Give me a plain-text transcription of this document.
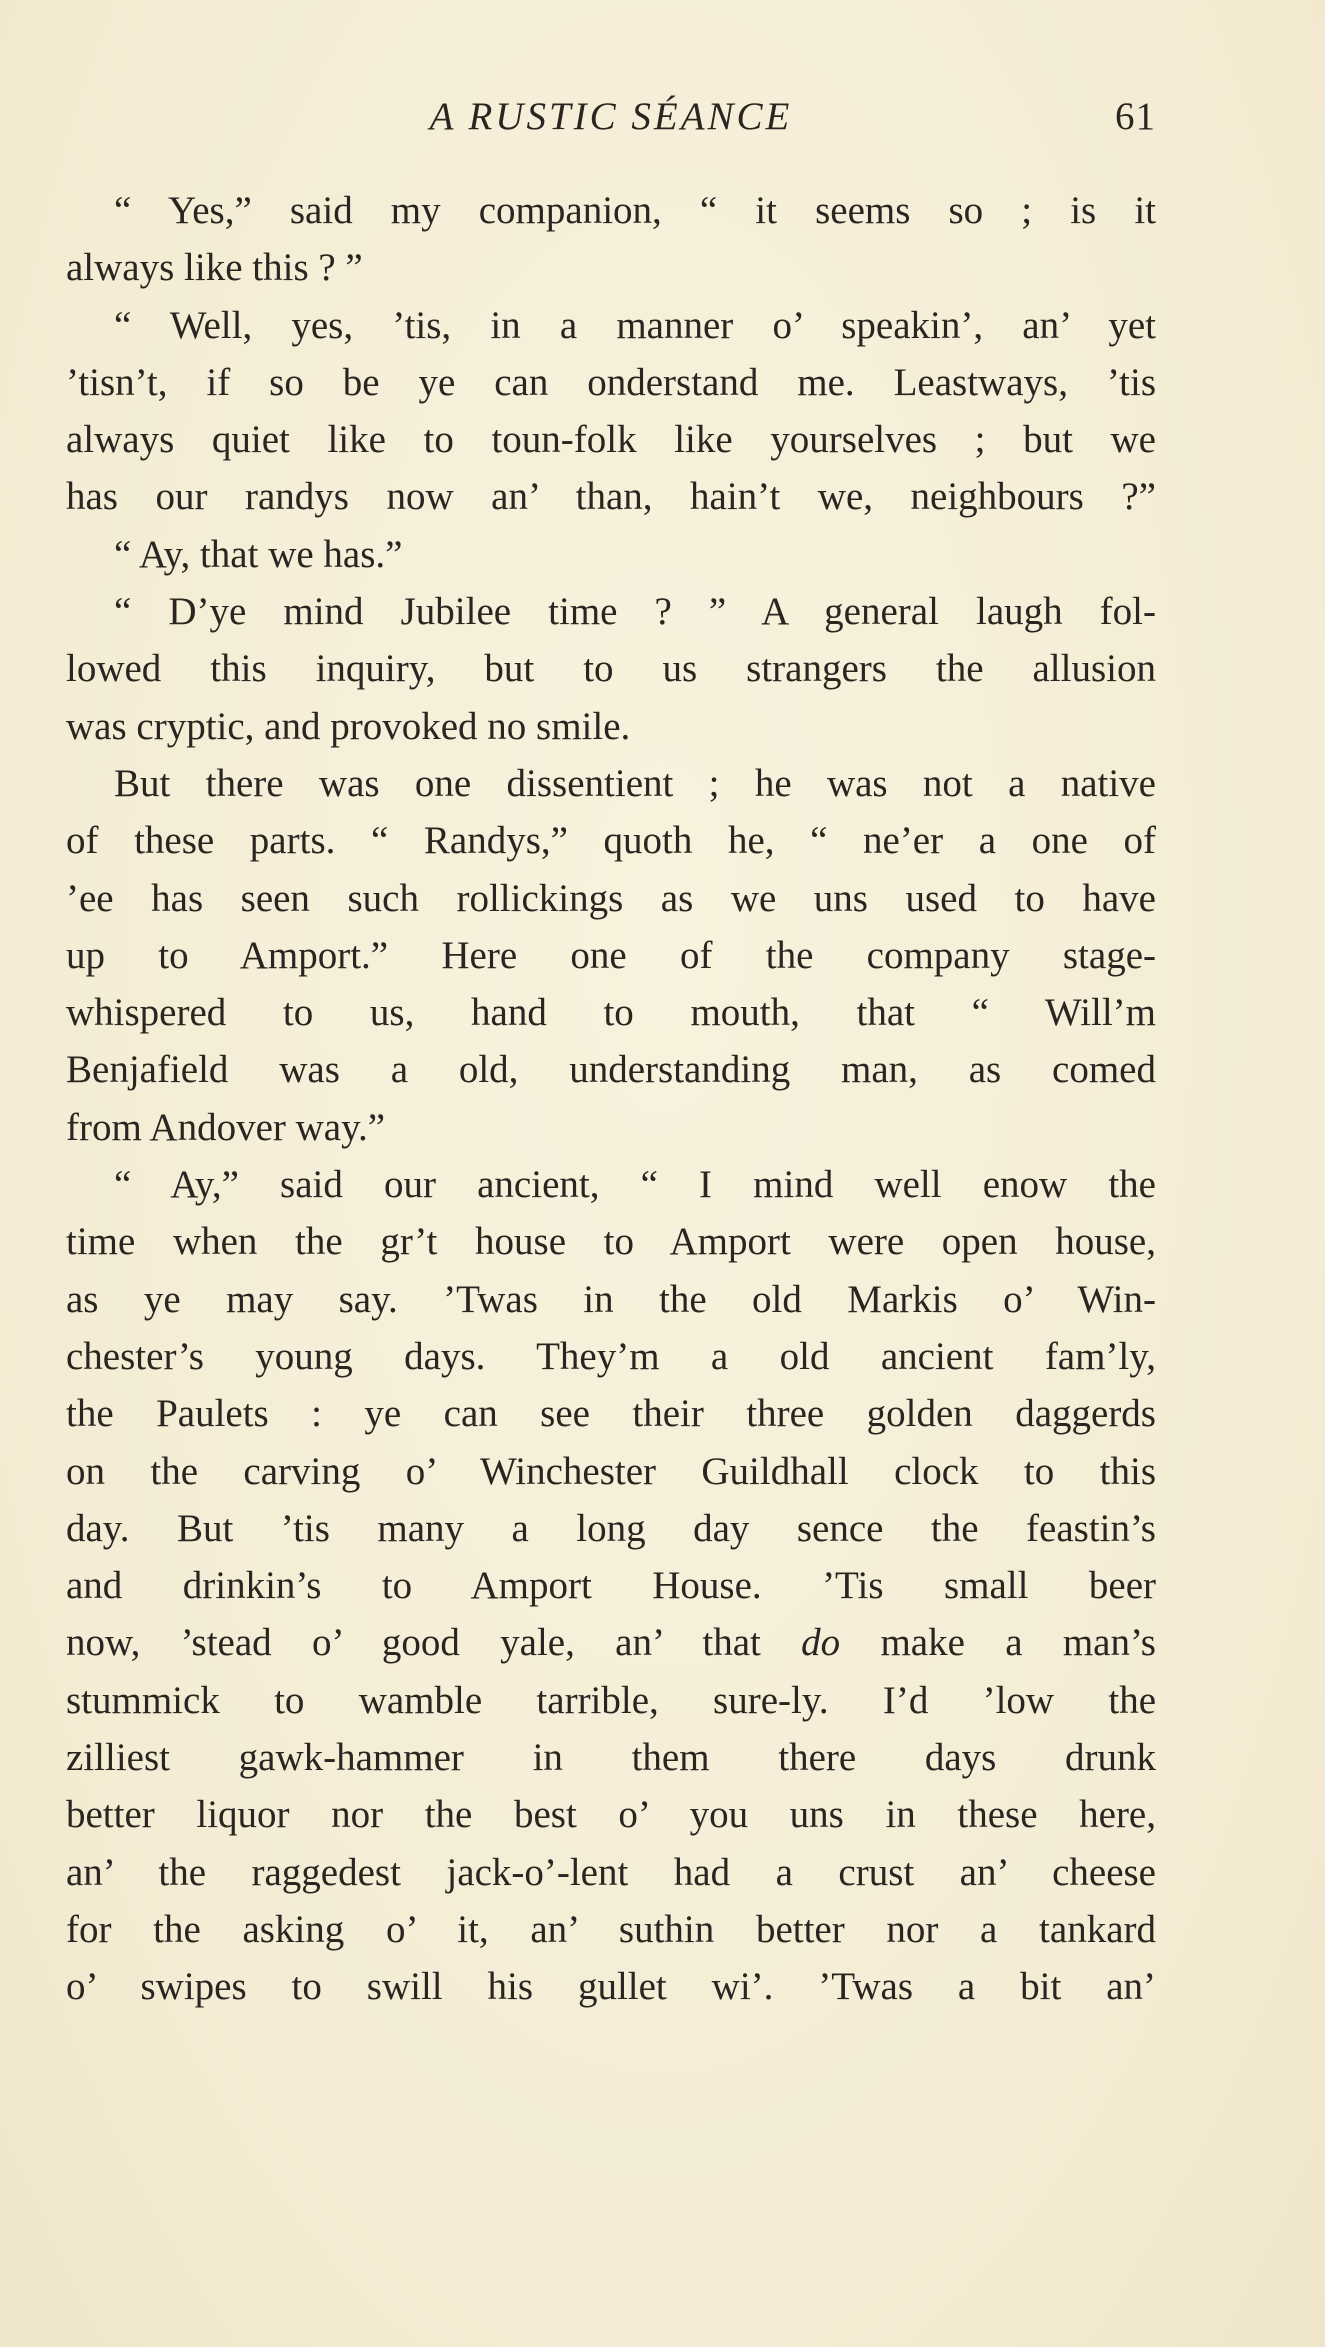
A RUSTIC SÉANCE	61
“ Yes,” said my companion, “ it seems so ; is it
always like this ? ”
“ Well, yes, ’tis, in a manner o’ speakin’, an’ yet
’tisn’t, if so be ye can onderstand me. Leastways, ’tis
always quiet like to toun-folk like yourselves ; but we
has our randys now an’ than, hain’t we, neighbours ?”
“ Ay, that we has.”
“ D’ye mind Jubilee time ? ” A general laugh fol-
lowed this inquiry, but to us strangers the allusion
was cryptic, and provoked no smile.
But there was one dissentient ; he was not a native
of these parts. “ Randys,” quoth he, “ ne’er a one of
’ee has seen such rollickings as we uns used to have
up to Amport.” Here one of the company stage-
whispered to us, hand to mouth, that “ Will’m
Benjafield was a old, understanding man, as comed
from Andover way.”
“ Ay,” said our ancient, “ I mind well enow the
time when the gr’t house to Amport were open house,
as ye may say. ’Twas in the old Markis o’ Win-
chester’s young days. They’m a old ancient fam’ly,
the Paulets : ye can see their three golden daggerds
on the carving o’ Winchester Guildhall clock to this
day. But ’tis many a long day sence the feastin’s
and drinkin’s to Amport House. ’Tis small beer
now, ’stead o’ good yale, an’ that do make a man’s
stummick to wamble tarrible, sure-ly. I’d ’low the
zilliest gawk-hammer in them there days drunk
better liquor nor the best o’ you uns in these here,
an’ the raggedest jack-o’-lent had a crust an’ cheese
for the asking o’ it, an’ suthin better nor a tankard
o’ swipes to swill his gullet wi’. ’Twas a bit an’
